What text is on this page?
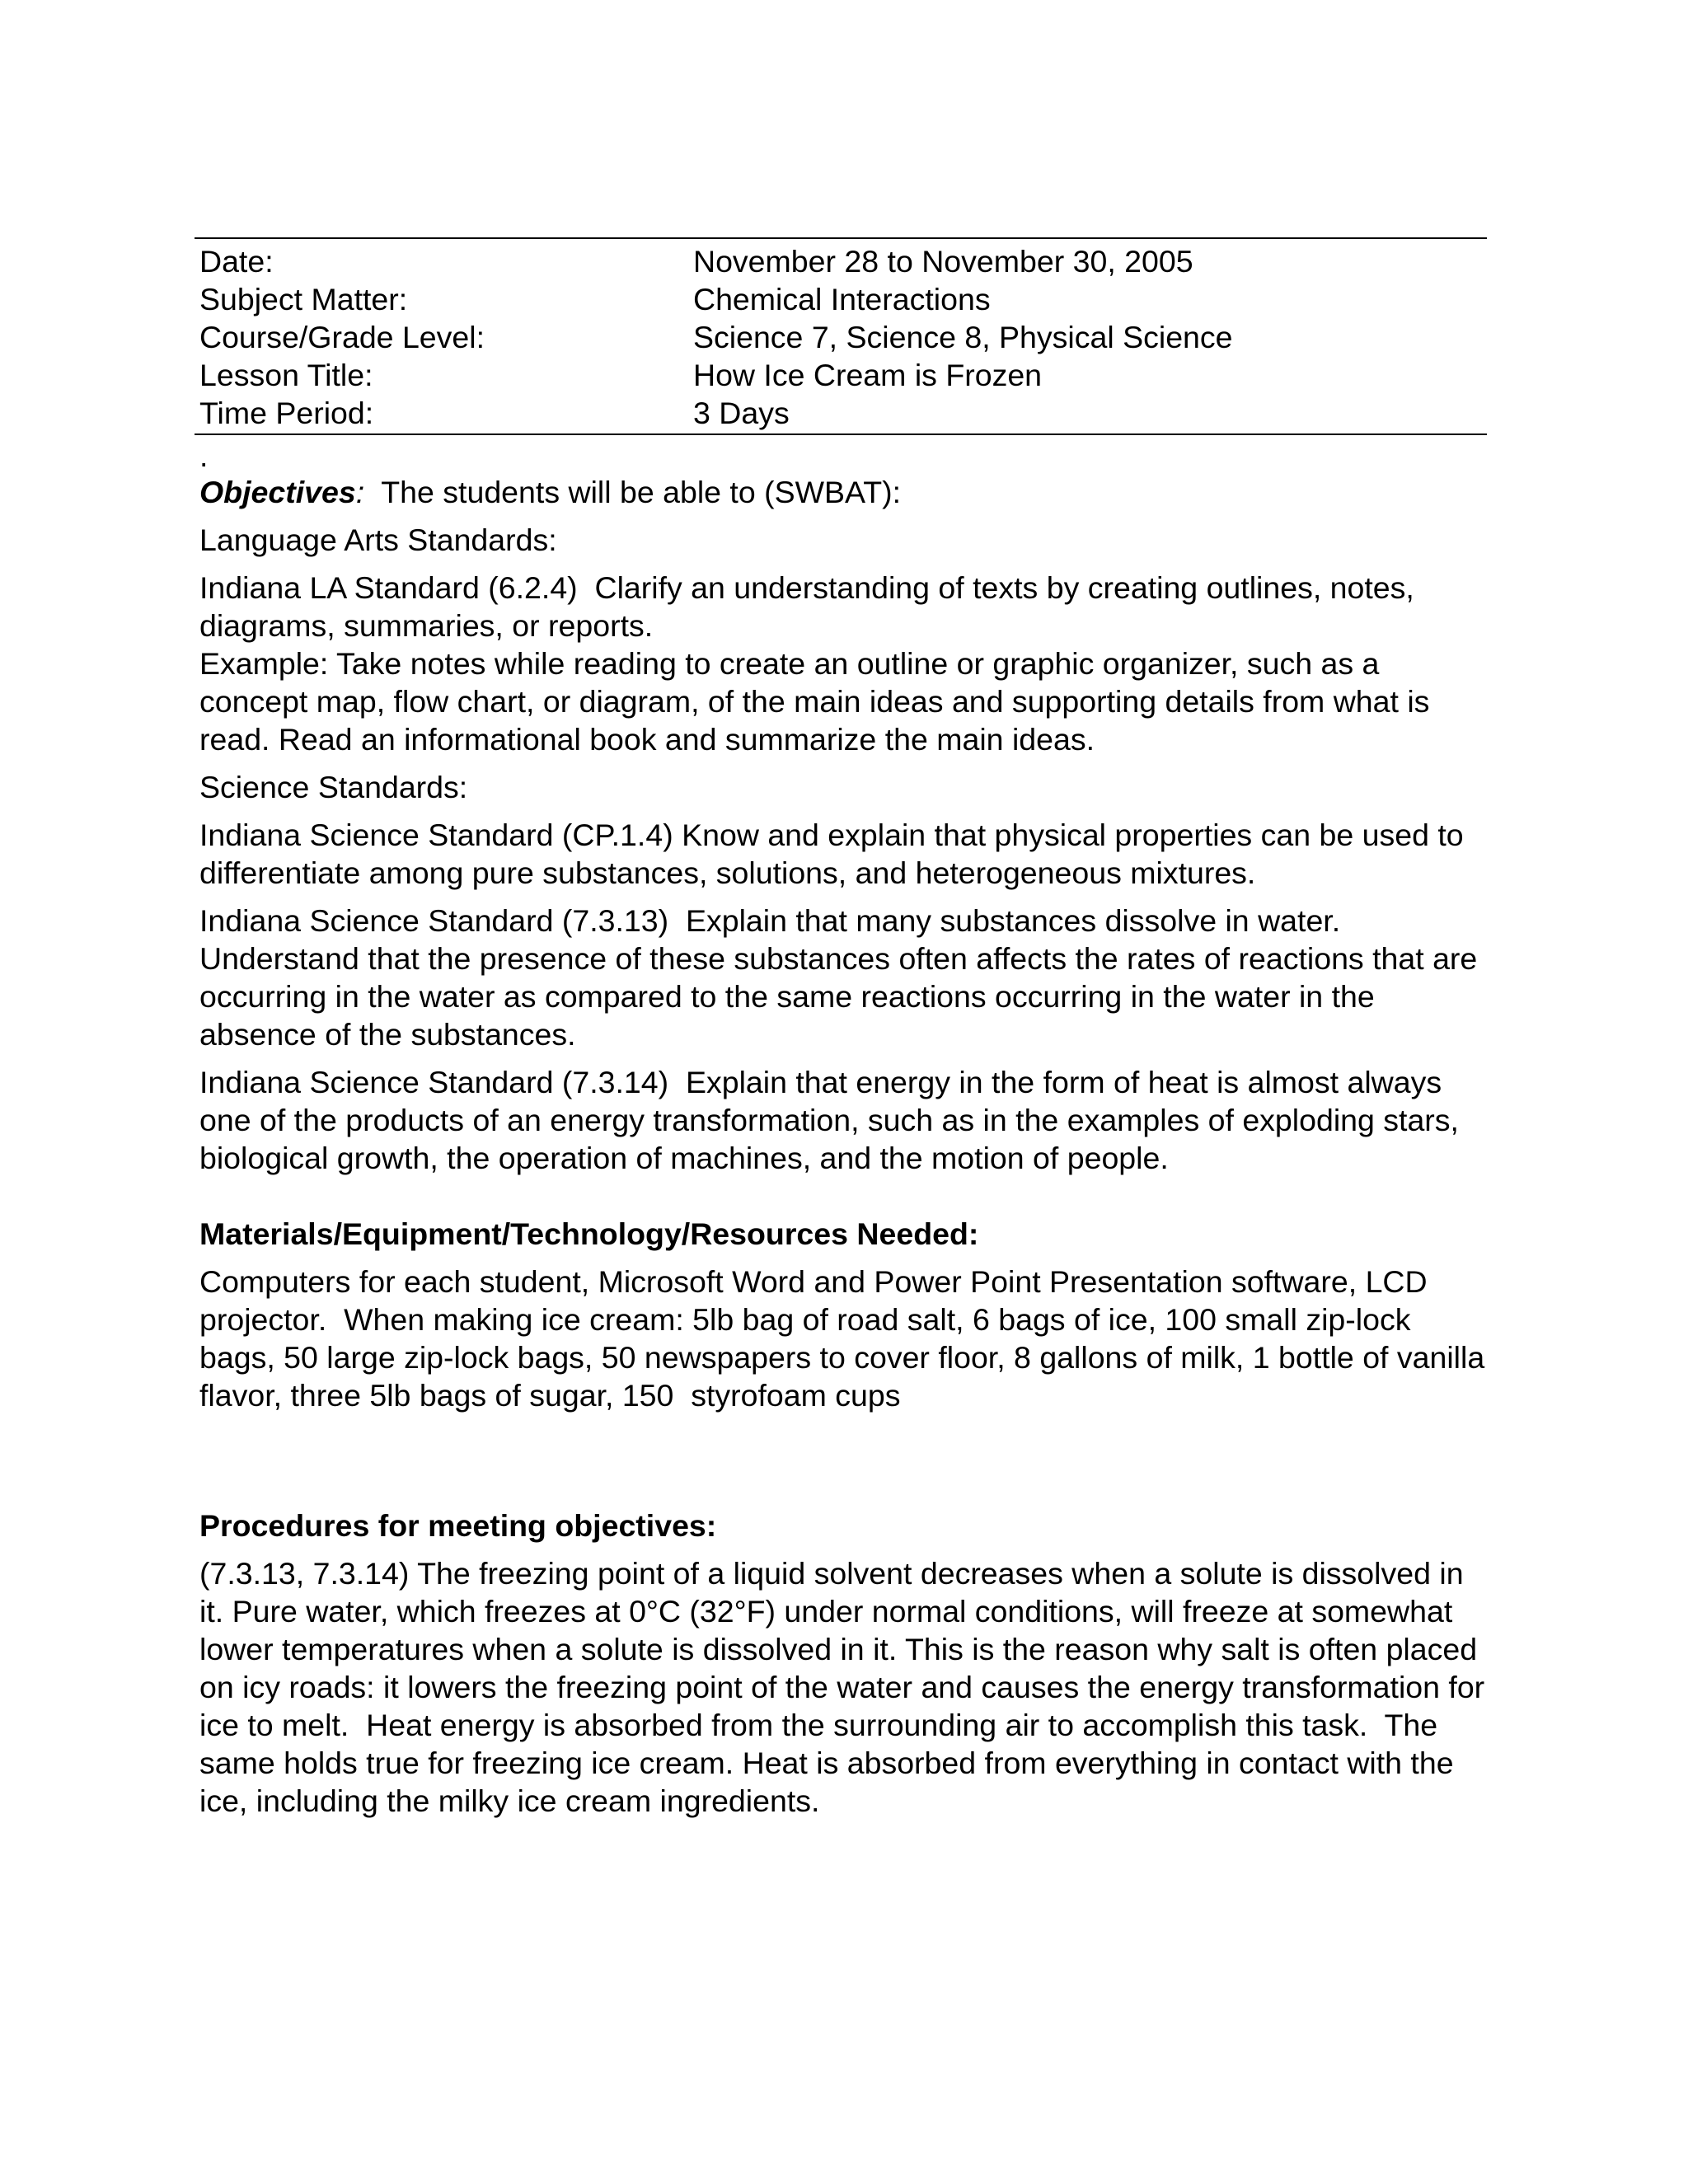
Date:	November 28 to November 30, 2005
Subject Matter:	Chemical Interactions
Course/Grade Level:	Science 7, Science 8, Physical Science
Lesson Title:	How Ice Cream is Frozen
Time Period:	3 Days
.
Objectives:  The students will be able to (SWBAT):
Language Arts Standards:
Indiana LA Standard (6.2.4)  Clarify an understanding of texts by creating outlines, notes, diagrams, summaries, or reports.
Example: Take notes while reading to create an outline or graphic organizer, such as a concept map, flow chart, or diagram, of the main ideas and supporting details from what is read. Read an informational book and summarize the main ideas.
Science Standards:
Indiana Science Standard (CP.1.4) Know and explain that physical properties can be used to differentiate among pure substances, solutions, and heterogeneous mixtures.
Indiana Science Standard (7.3.13)  Explain that many substances dissolve in water. Understand that the presence of these substances often affects the rates of reactions that are occurring in the water as compared to the same reactions occurring in the water in the absence of the substances.
Indiana Science Standard (7.3.14)  Explain that energy in the form of heat is almost always one of the products of an energy transformation, such as in the examples of exploding stars, biological growth, the operation of machines, and the motion of people.
Materials/Equipment/Technology/Resources Needed:
Computers for each student, Microsoft Word and Power Point Presentation software, LCD projector.  When making ice cream: 5lb bag of road salt, 6 bags of ice, 100 small zip-lock bags, 50 large zip-lock bags, 50 newspapers to cover floor, 8 gallons of milk, 1 bottle of vanilla flavor, three 5lb bags of sugar, 150  styrofoam cups
Procedures for meeting objectives:
(7.3.13, 7.3.14) The freezing point of a liquid solvent decreases when a solute is dissolved in it. Pure water, which freezes at 0°C (32°F) under normal conditions, will freeze at somewhat lower temperatures when a solute is dissolved in it. This is the reason why salt is often placed on icy roads: it lowers the freezing point of the water and causes the energy transformation for ice to melt.  Heat energy is absorbed from the surrounding air to accomplish this task.  The same holds true for freezing ice cream. Heat is absorbed from everything in contact with the ice, including the milky ice cream ingredients.
